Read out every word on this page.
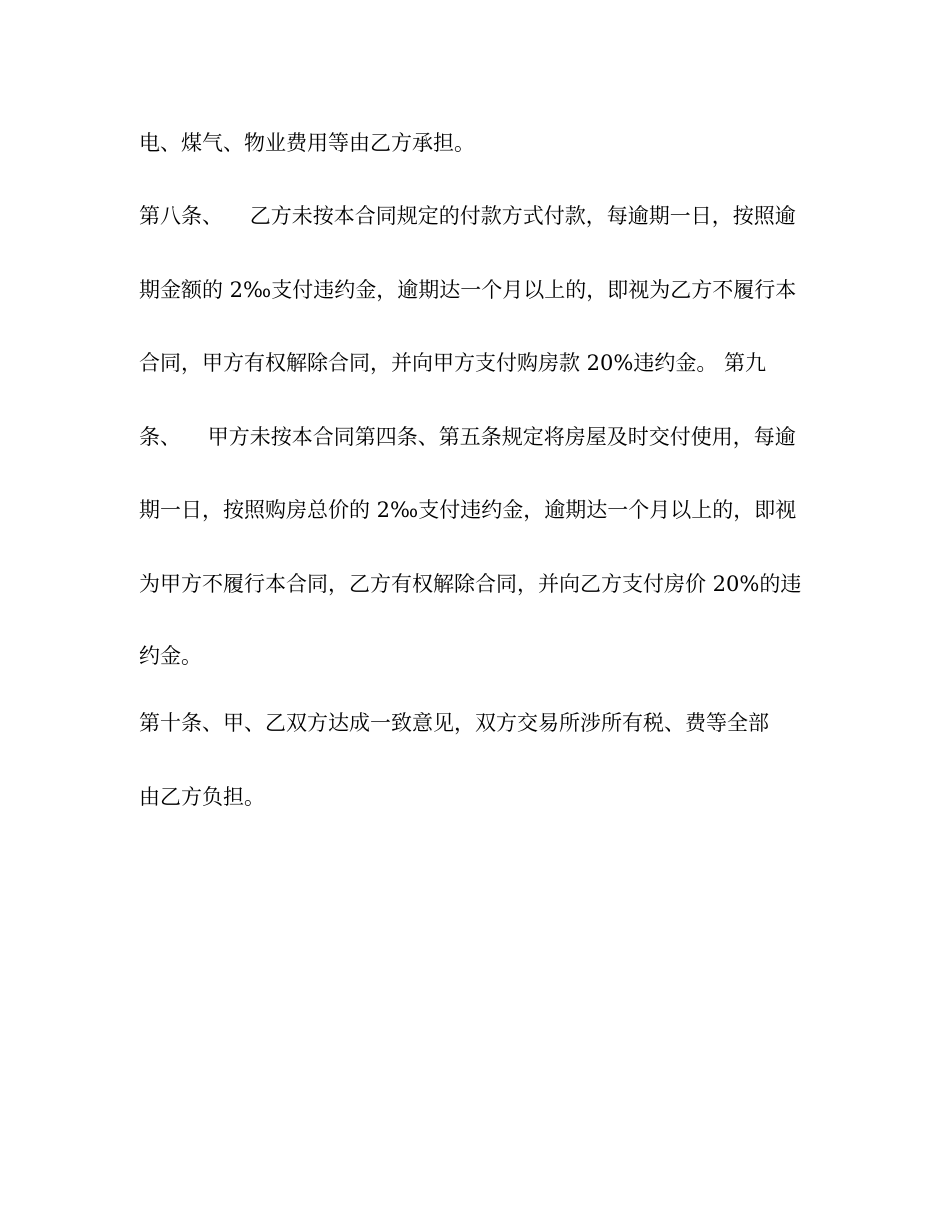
电、煤气、物业费用等由乙方承担。
第八条、    乙方未按本合同规定的付款方式付款，每逾期一日，按照逾
期金额的 2‰支付违约金，逾期达一个月以上的，即视为乙方不履行本
合同，甲方有权解除合同，并向甲方支付购房款 20%违约金。 第九
条、    甲方未按本合同第四条、第五条规定将房屋及时交付使用，每逾
期一日，按照购房总价的 2‰支付违约金，逾期达一个月以上的，即视
为甲方不履行本合同，乙方有权解除合同，并向乙方支付房价 20%的违
约金。
第十条、甲、乙双方达成一致意见，双方交易所涉所有税、费等全部
由乙方负担。
